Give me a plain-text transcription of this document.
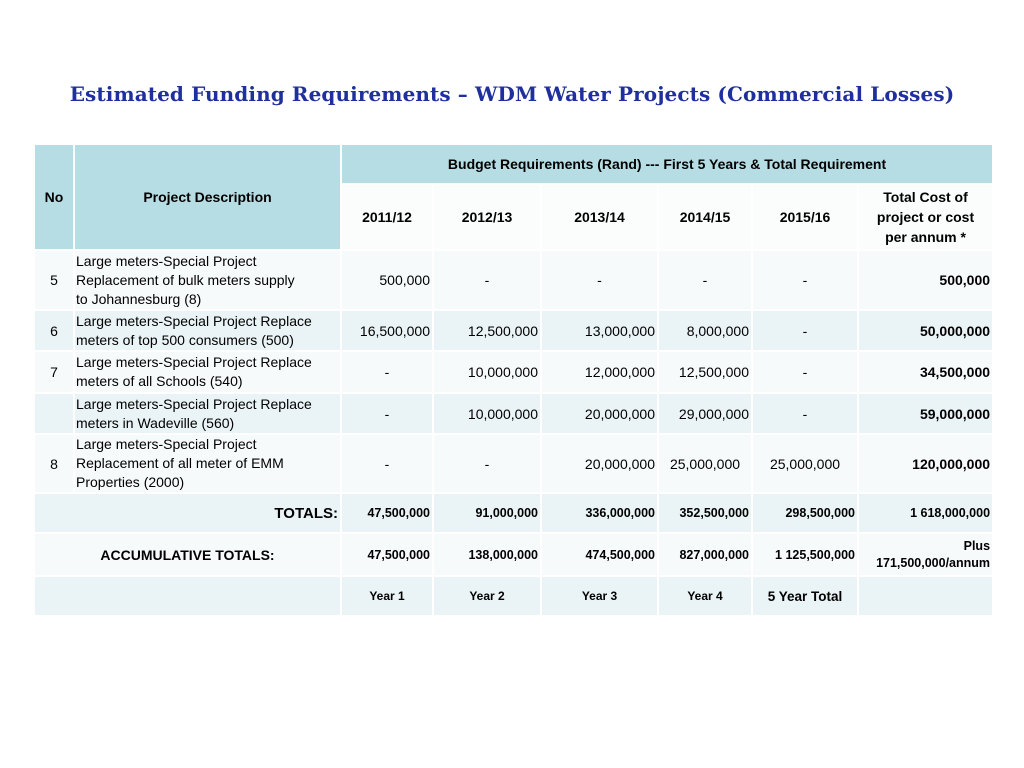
Estimated Funding Requirements – WDM Water Projects (Commercial Losses)
No	Project Description	Budget Requirements (Rand) --- First 5 Years & Total Requirement					
		2011/12	2012/13	2013/14	2014/15	2015/16	Total Cost of
project or cost
per annum *

5	Large meters-Special Project
Replacement of bulk meters supply
to Johannesburg (8)	500,000	-	-	-	-	500,000
6	Large meters-Special Project Replace
meters of top 500 consumers (500)	16,500,000	12,500,000	13,000,000	8,000,000	-	50,000,000
7	Large meters-Special Project Replace
meters of all Schools (540)	-	10,000,000	12,000,000	12,500,000	-	34,500,000

	Large meters-Special Project Replace
meters in Wadeville (560)	-	10,000,000	20,000,000	29,000,000	-	59,000,000
8	Large meters-Special Project
Replacement of all meter of EMM
Properties (2000)	-	-	20,000,000	25,000,000	25,000,000	120,000,000
TOTALS:		47,500,000	91,000,000	336,000,000	352,500,000	298,500,000	1 618,000,000
ACCUMULATIVE TOTALS:		47,500,000	138,000,000	474,500,000	827,000,000	1 125,500,000	Plus
171,500,000/annum

		Year 1	Year 2	Year 3	Year 4	5 Year Total	
